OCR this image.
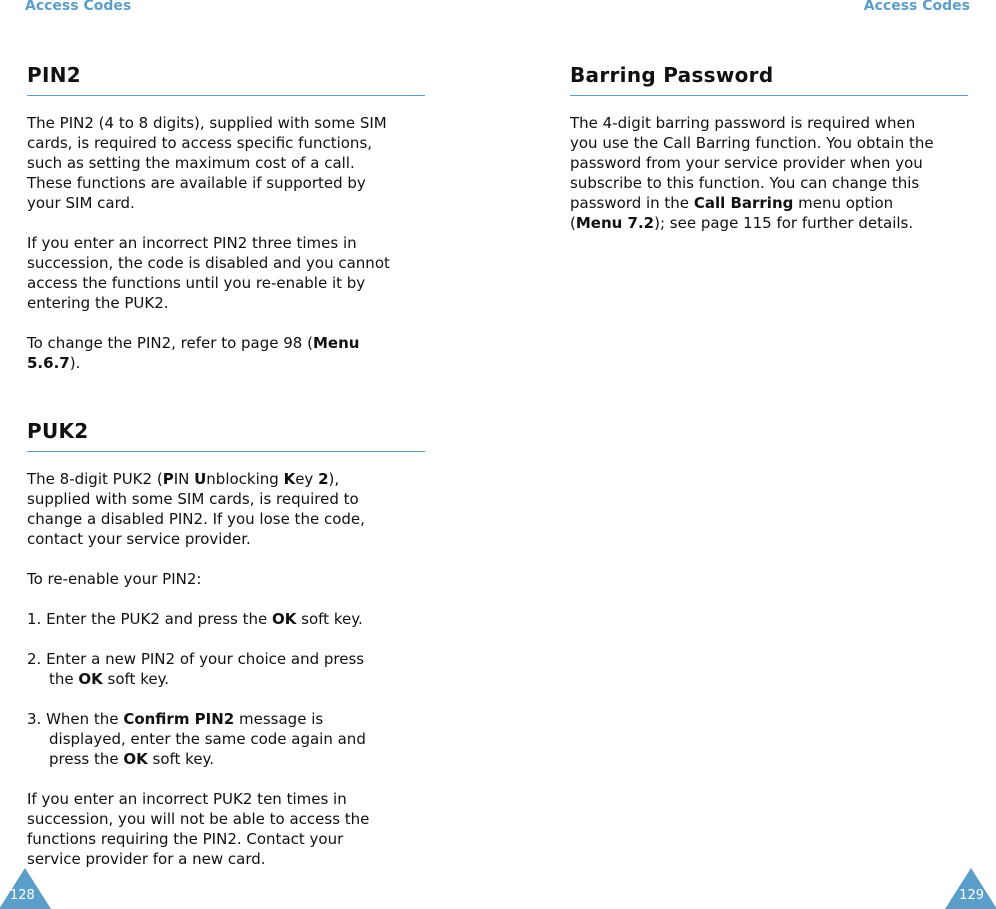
Access Codes	Access Codes
PIN2
The PIN2 (4 to 8 digits), supplied with some SIM
cards, is required to access specific functions,
such as setting the maximum cost of a call.
These functions are available if supported by
your SIM card.
If you enter an incorrect PIN2 three times in
succession, the code is disabled and you cannot
access the functions until you re-enable it by
entering the PUK2.
To change the PIN2, refer to page 98 (Menu
5.6.7).
PUK2
The 8-digit PUK2 (PIN Unblocking Key 2),
supplied with some SIM cards, is required to
change a disabled PIN2. If you lose the code,
contact your service provider.
To re-enable your PIN2:
1. Enter the PUK2 and press the OK soft key.
2. Enter a new PIN2 of your choice and press
the OK soft key.
3. When the Confirm PIN2 message is
displayed, enter the same code again and
press the OK soft key.
If you enter an incorrect PUK2 ten times in
succession, you will not be able to access the
functions requiring the PIN2. Contact your
service provider for a new card.
Barring Password
The 4-digit barring password is required when
you use the Call Barring function. You obtain the
password from your service provider when you
subscribe to this function. You can change this
password in the Call Barring menu option
(Menu 7.2); see page 115 for further details.
128	129
